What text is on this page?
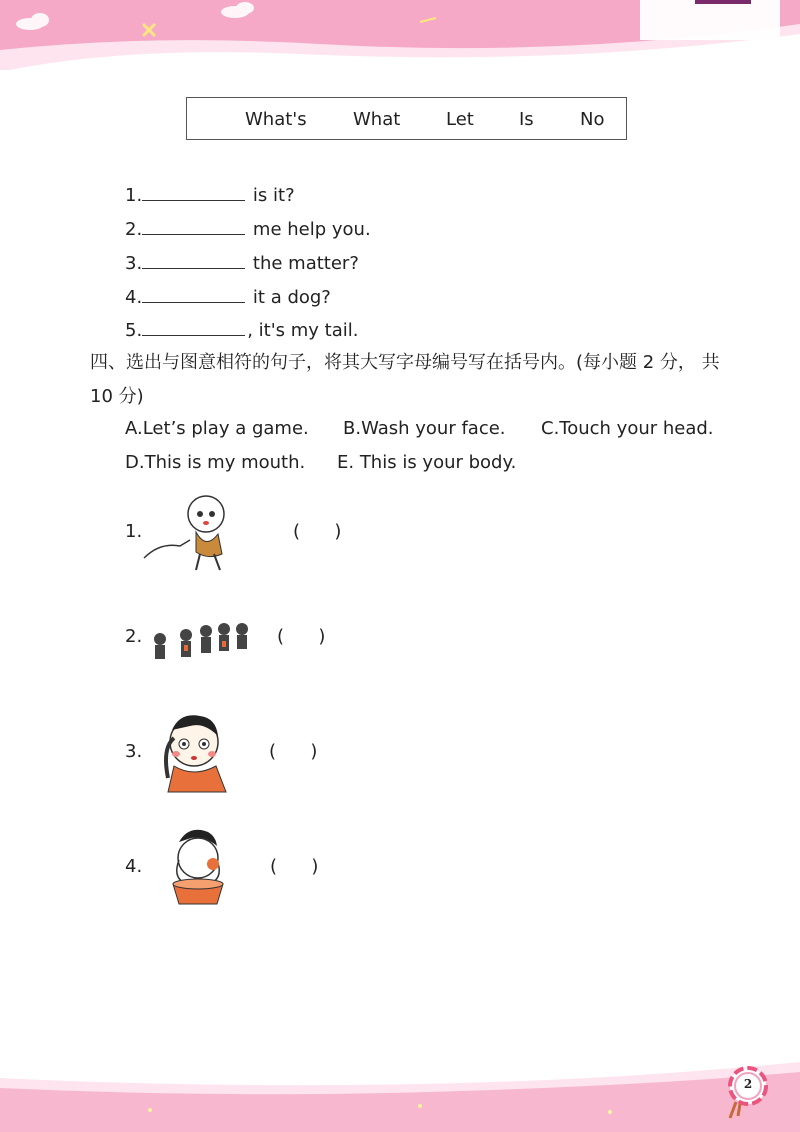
What's	What	Let	Is	No
1.	is it?
2.	me help you.
3.	the matter?
4.	it a dog?
5.	, it's my tail.
四、选出与图意相符的句子，将其大写字母编号写在括号内。(每小题 2 分， 共 10 分)
A.Let’s play a game. B.Wash your face. C.Touch your head.
D.This is my mouth. E. This is your body.
1.	(      )
2.	(      )
3.	(      )
4.	(      )
2
